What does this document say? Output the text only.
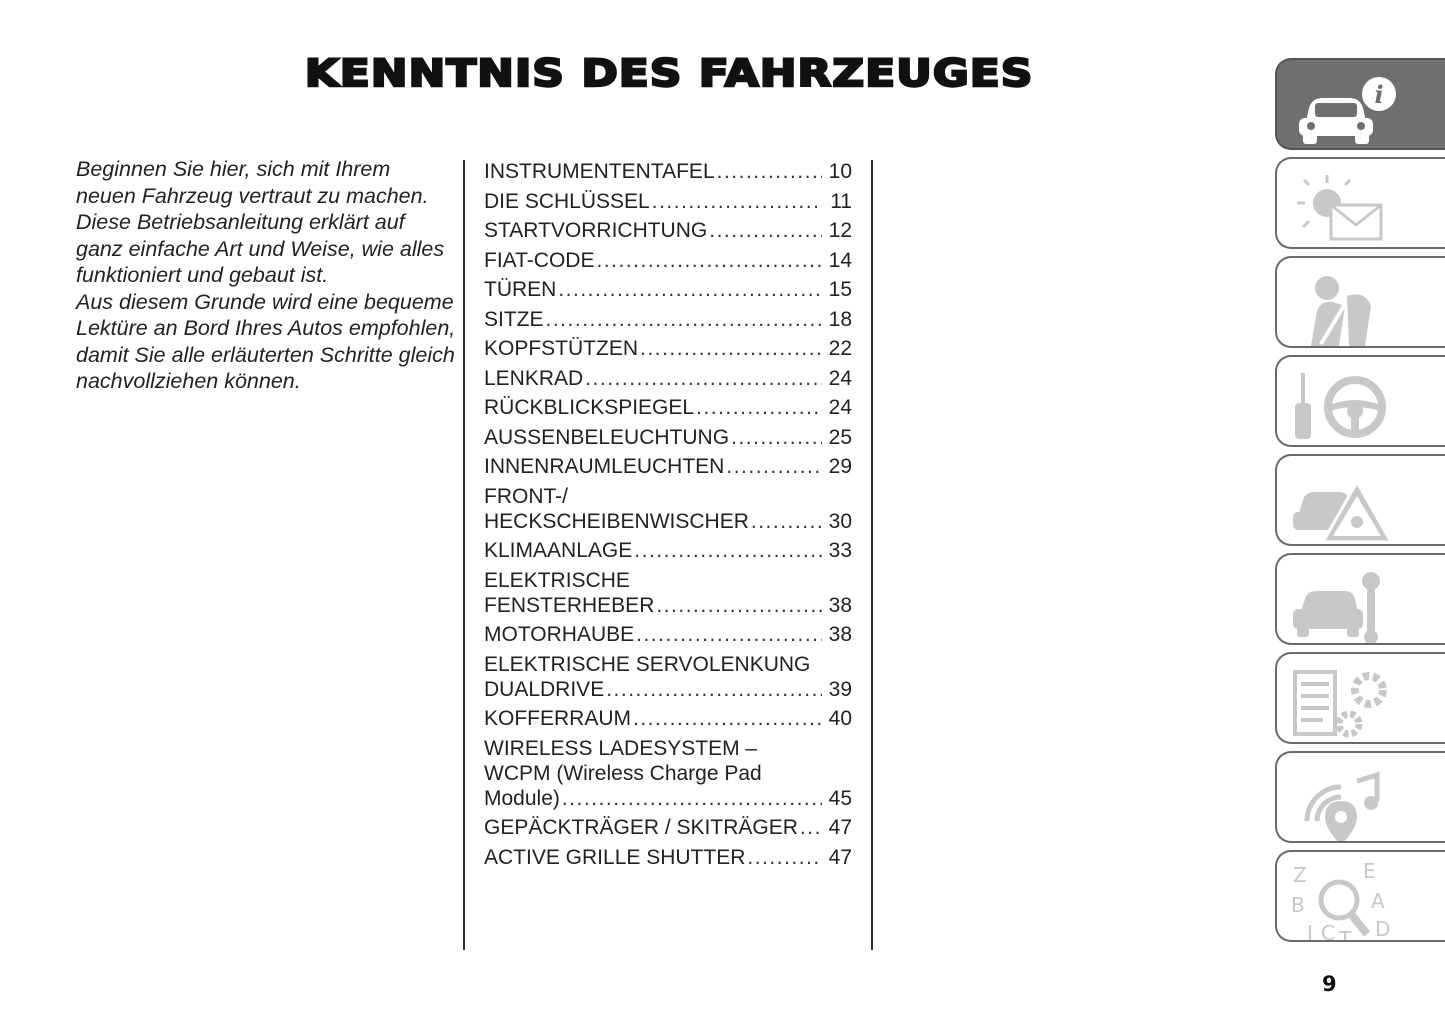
KENNTNIS DES FAHRZEUGES

Beginnen Sie hier, sich mit Ihrem neuen Fahrzeug vertraut zu machen.

Diese Betriebsanleitung erklärt auf ganz einfache Art und Weise, wie alles funktioniert und gebaut ist.

Aus diesem Grunde wird eine bequeme Lektüre an Bord Ihres Autos empfohlen, damit Sie alle erläuterten Schritte gleich nachvollziehen können.

INSTRUMENTENTAFEL .....	10
DIE SCHLÜSSEL .....	11
STARTVORRICHTUNG .....	12
FIAT-CODE .....	14
TÜREN .....	15
SITZE .....	18
KOPFSTÜTZEN .....	22
LENKRAD .....	24
RÜCKBLICKSPIEGEL .....	24
AUSSENBELEUCHTUNG .....	25
INNENRAUMLEUCHTEN .....	29
FRONT-/
HECKSCHEIBENWISCHER .....	30
KLIMAANLAGE .....	33
ELEKTRISCHE
FENSTERHEBER .....	38
MOTORHAUBE .....	38
ELEKTRISCHE SERVOLENKUNG
DUALDRIVE .....	39
KOFFERRAUM .....	40
WIRELESS LADESYSTEM –
WCPM (Wireless Charge Pad
Module) .....	45
GEPÄCKTRÄGER / SKITRÄGER ..... 47
ACTIVE GRILLE SHUTTER .....	47
i
Z	E
B	A
I C T D
9
